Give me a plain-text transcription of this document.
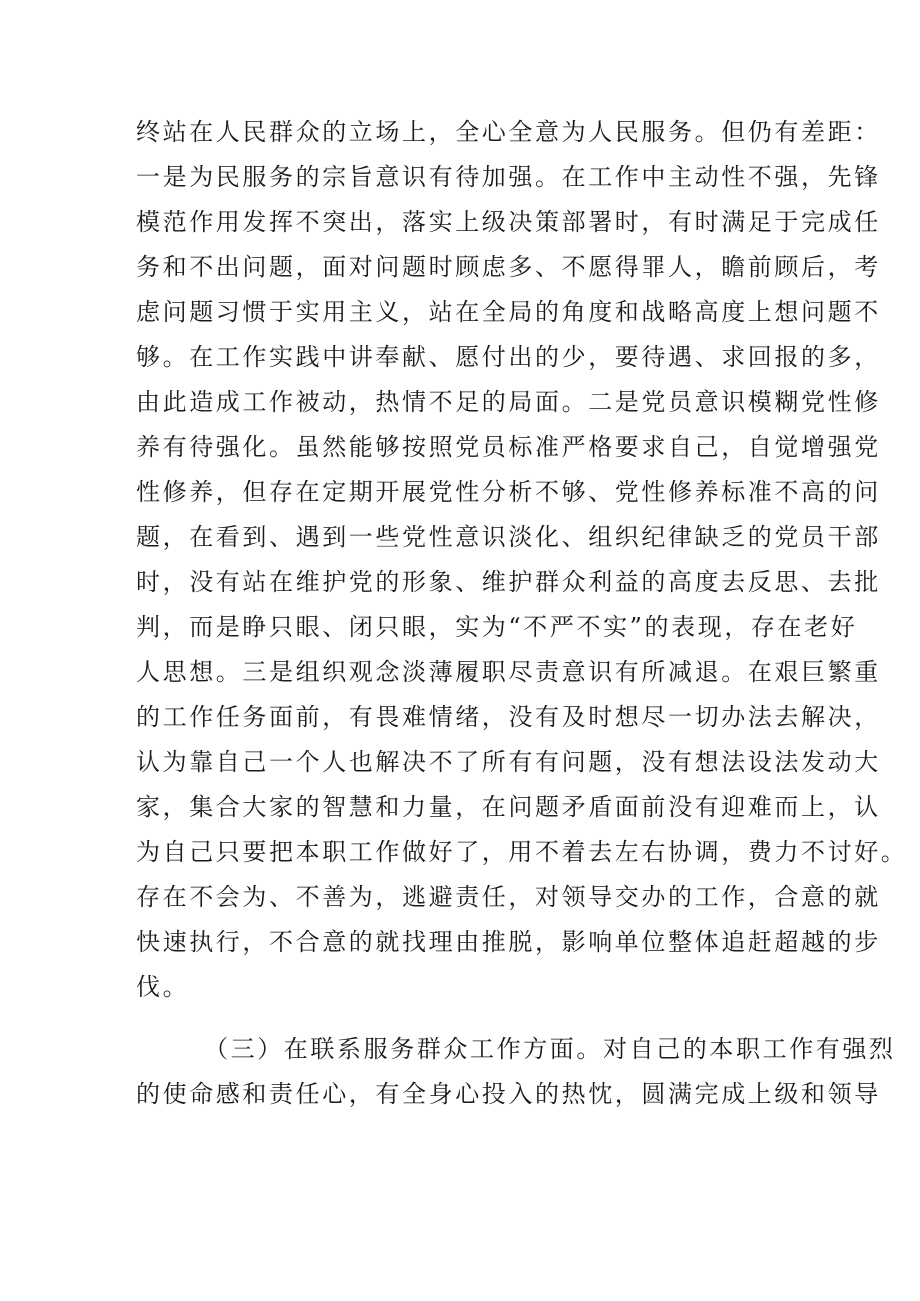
终站在人民群众的立场上，全心全意为人民服务。但仍有差距：
一是为民服务的宗旨意识有待加强。在工作中主动性不强，先锋
模范作用发挥不突出，落实上级决策部署时，有时满足于完成任
务和不出问题，面对问题时顾虑多、不愿得罪人，瞻前顾后，考
虑问题习惯于实用主义，站在全局的角度和战略高度上想问题不
够。在工作实践中讲奉献、愿付出的少，要待遇、求回报的多，
由此造成工作被动，热情不足的局面。二是党员意识模糊党性修
养有待强化。虽然能够按照党员标准严格要求自己，自觉增强党
性修养，但存在定期开展党性分析不够、党性修养标准不高的问
题，在看到、遇到一些党性意识淡化、组织纪律缺乏的党员干部
时，没有站在维护党的形象、维护群众利益的高度去反思、去批
判，而是睁只眼、闭只眼，实为“不严不实”的表现，存在老好
人思想。三是组织观念淡薄履职尽责意识有所减退。在艰巨繁重
的工作任务面前，有畏难情绪，没有及时想尽一切办法去解决，
认为靠自己一个人也解决不了所有有问题，没有想法设法发动大
家，集合大家的智慧和力量，在问题矛盾面前没有迎难而上，认
为自己只要把本职工作做好了，用不着去左右协调，费力不讨好。
存在不会为、不善为，逃避责任，对领导交办的工作，合意的就
快速执行，不合意的就找理由推脱，影响单位整体追赶超越的步
伐。
（三）在联系服务群众工作方面。对自己的本职工作有强烈
的使命感和责任心，有全身心投入的热忱，圆满完成上级和领导
